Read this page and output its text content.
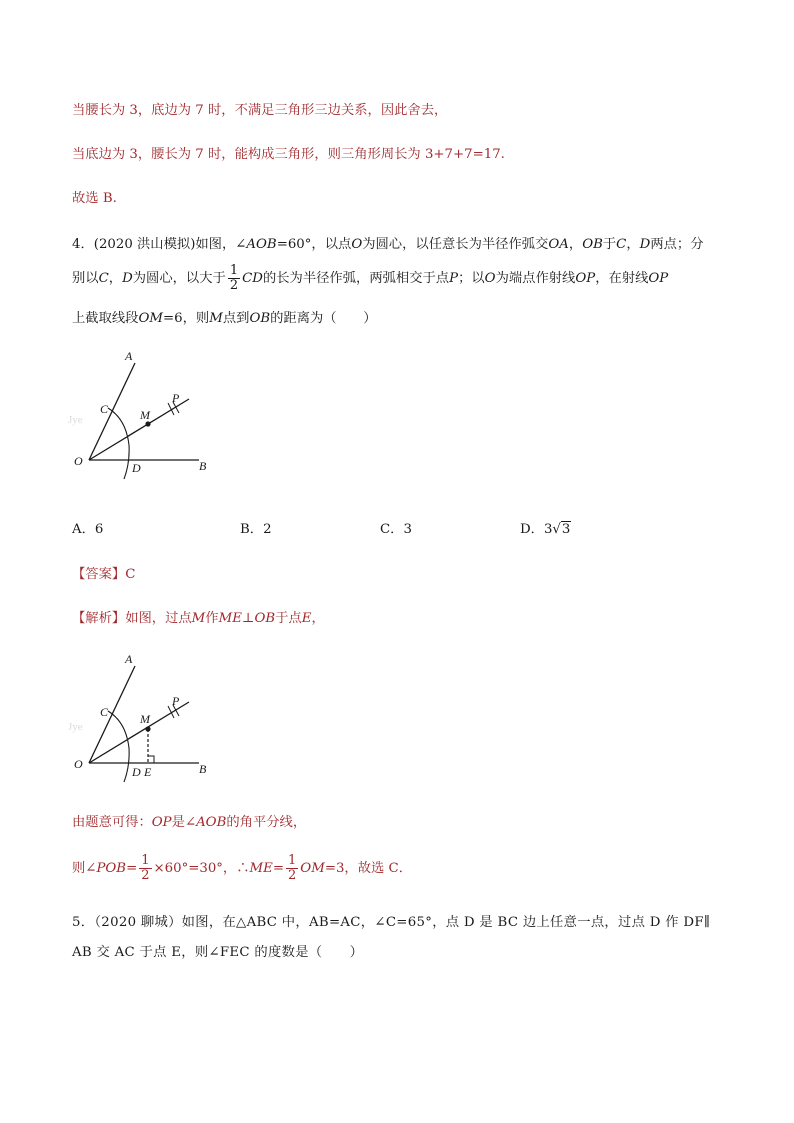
当腰长为 3，底边为 7 时，不满足三角形三边关系，因此舍去，
当底边为 3，腰长为 7 时，能构成三角形，则三角形周长为 3+7+7=17.
故选 B.
4．(2020 洪山模拟)如图，∠AOB=60°，以点O为圆心，以任意长为半径作弧交OA，OB于C，D两点；分
别以C，D为圆心，以大于 $\frac{1}{2}$ CD的长为半径作弧，两弧相交于点P；以O为端点作射线OP，在射线OP
上截取线段OM=6，则M点到OB的距离为（　　）
Jye
A
P
C	M
O	D	B
A．6	B．2	C．3	D．3√3
【答案】C
【解析】如图，过点M作ME⊥OB于点E，
Jye
A
P
C	M
O
D E	B
由题意可得：OP是∠AOB的角平分线，
则∠POB= $\frac{1}{2} \times 60^\circ=30^\circ$，∴ME= $\frac{1}{2} OM=3$，故选 C．
5．（2020 聊城）如图，在△ABC 中，AB=AC，∠C=65°，点 D 是 BC 边上任意一点，过点 D 作 DF∥
AB 交 AC 于点 E，则∠FEC 的度数是（　　）
